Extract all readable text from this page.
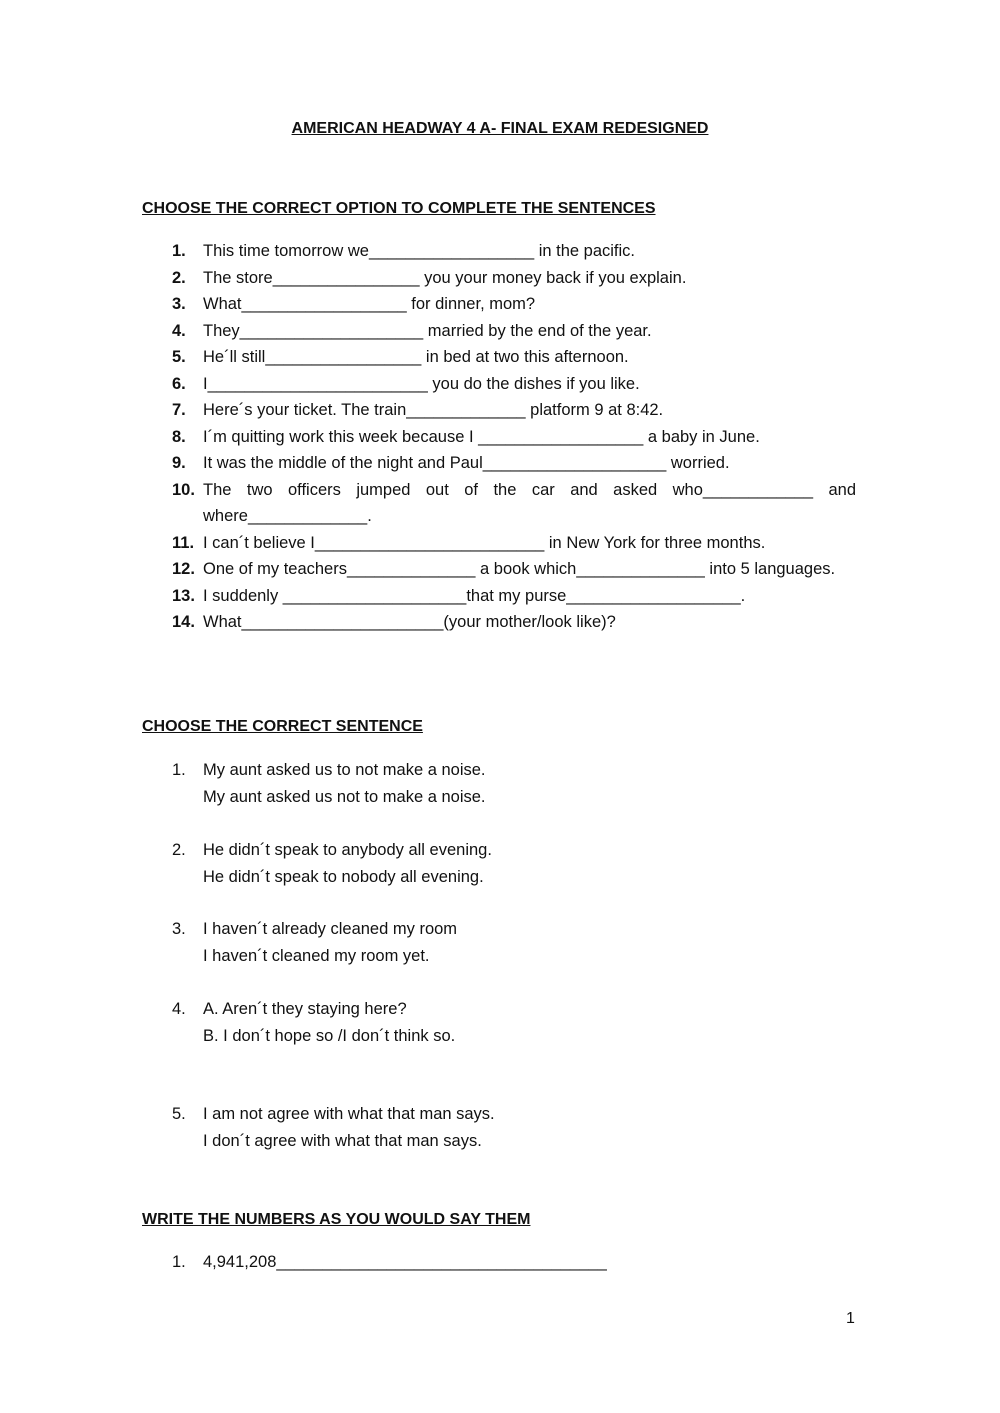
AMERICAN HEADWAY 4 A- FINAL EXAM REDESIGNED
CHOOSE THE CORRECT OPTION TO COMPLETE THE SENTENCES
1. This time tomorrow we__________________ in the pacific.
2. The store________________ you your money back if you explain.
3. What__________________ for dinner, mom?
4. They____________________ married by the end of the year.
5. He´ll still_________________ in bed at two this afternoon.
6. I________________________ you do the dishes if you like.
7. Here´s your ticket. The train_____________ platform 9 at 8:42.
8. I´m quitting work this week because I __________________ a baby in June.
9. It was the middle of the night and Paul____________________ worried.
10. The two officers jumped out of the car and asked who____________ and where_____________.
11. I can´t believe I_________________________ in New York for three months.
12. One of my teachers______________ a book which______________ into 5 languages.
13. I suddenly ____________________that my purse___________________.
14. What______________________(your mother/look like)?
CHOOSE THE CORRECT SENTENCE
1. My aunt asked us to not make a noise.
My aunt asked us not to make a noise.
2. He didn´t speak to anybody all evening.
He didn´t speak to nobody all evening.
3. I haven´t already cleaned my room
I haven´t cleaned my room yet.
4. A. Aren´t they staying here?
B. I don´t hope so /I don´t think so.
5. I am not agree with what that man says.
I don´t agree with what that man says.
WRITE THE NUMBERS AS YOU WOULD SAY THEM
1. 4,941,208____________________________________
1
